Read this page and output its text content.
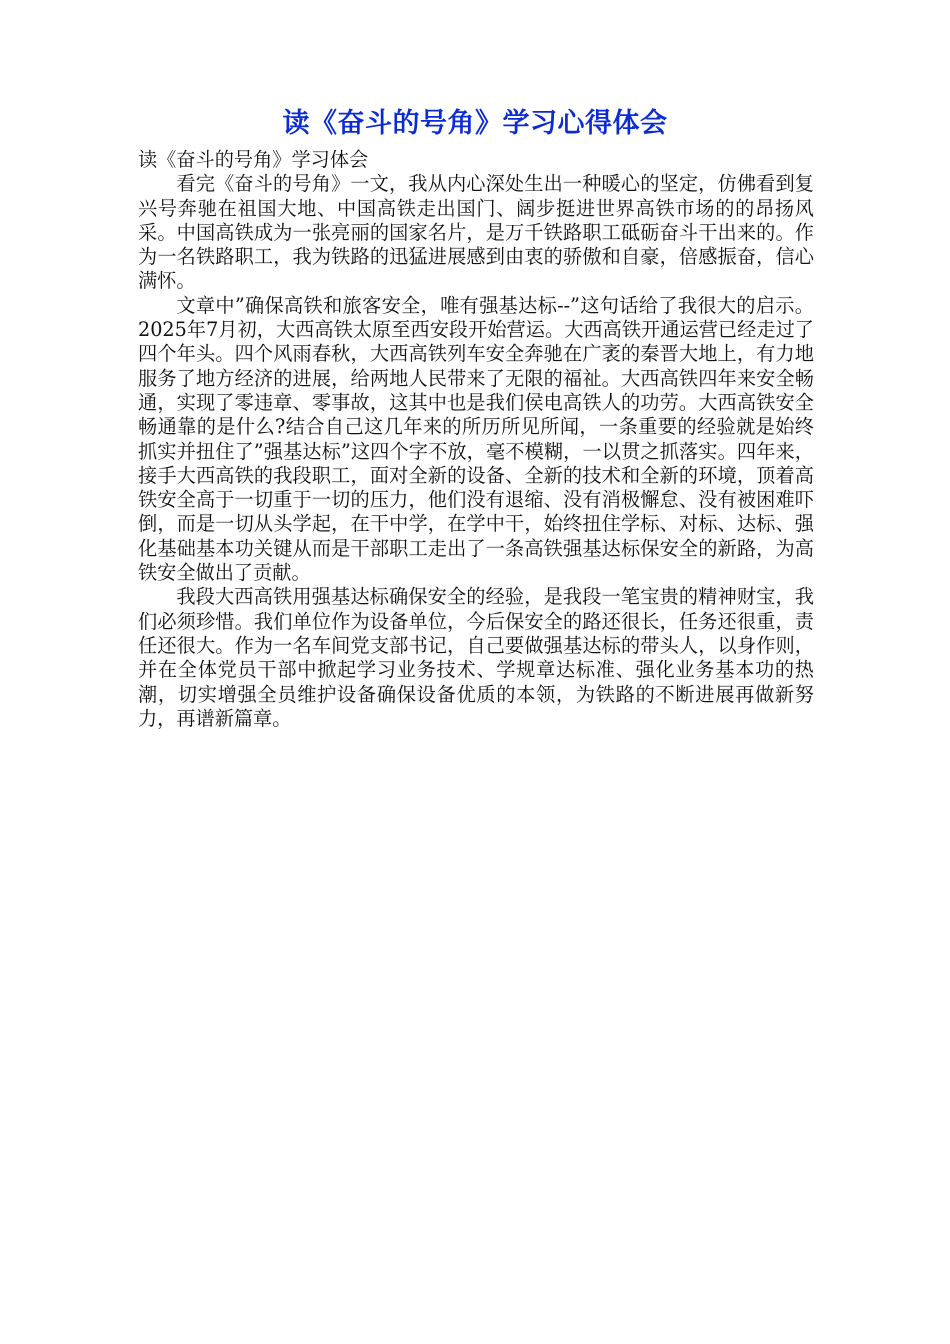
读《奋斗的号角》学习心得体会

读《奋斗的号角》学习体会

看完《奋斗的号角》一文，我从内心深处生出一种暖心的坚定，仿佛看到复兴号奔驰在祖国大地、中国高铁走出国门、阔步挺进世界高铁市场的的昂扬风采。中国高铁成为一张亮丽的国家名片，是万千铁路职工砥砺奋斗干出来的。作为一名铁路职工，我为铁路的迅猛进展感到由衷的骄傲和自豪，倍感振奋，信心满怀。

文章中”确保高铁和旅客安全，唯有强基达标--”这句话给了我很大的启示。2025年7月初，大西高铁太原至西安段开始营运。大西高铁开通运营已经走过了四个年头。四个风雨春秋，大西高铁列车安全奔驰在广袤的秦晋大地上，有力地服务了地方经济的进展，给两地人民带来了无限的福祉。大西高铁四年来安全畅通，实现了零违章、零事故，这其中也是我们侯电高铁人的功劳。大西高铁安全畅通靠的是什么?结合自己这几年来的所历所见所闻，一条重要的经验就是始终抓实并扭住了”强基达标”这四个字不放，毫不模糊，一以贯之抓落实。四年来，接手大西高铁的我段职工，面对全新的设备、全新的技术和全新的环境，顶着高铁安全高于一切重于一切的压力，他们没有退缩、没有消极懈怠、没有被困难吓倒，而是一切从头学起，在干中学，在学中干，始终扭住学标、对标、达标、强化基础基本功关键从而是干部职工走出了一条高铁强基达标保安全的新路，为高铁安全做出了贡献。

我段大西高铁用强基达标确保安全的经验，是我段一笔宝贵的精神财宝，我们必须珍惜。我们单位作为设备单位，今后保安全的路还很长，任务还很重，责任还很大。作为一名车间党支部书记，自己要做强基达标的带头人，以身作则，并在全体党员干部中掀起学习业务技术、学规章达标准、强化业务基本功的热潮，切实增强全员维护设备确保设备优质的本领，为铁路的不断进展再做新努力，再谱新篇章。
